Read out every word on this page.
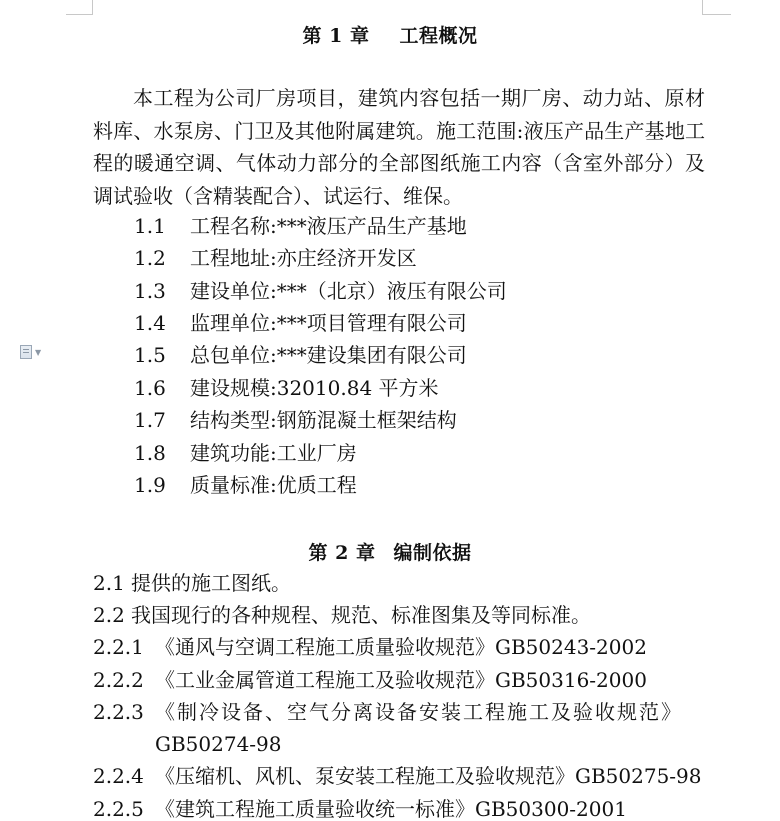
▼
第 1 章 工程概况

本工程为公司厂房项目，建筑内容包括一期厂房、动力站、原材料库、水泵房、门卫及其他附属建筑。施工范围:液压产品生产基地工程的暖通空调、气体动力部分的全部图纸施工内容（含室外部分）及调试验收（含精装配合）、试运行、维保。

1.1 工程名称:***液压产品生产基地
1.2 工程地址:亦庄经济开发区
1.3 建设单位:***（北京）液压有限公司
1.4 监理单位:***项目管理有限公司
1.5 总包单位:***建设集团有限公司
1.6 建设规模:32010.84 平方米
1.7 结构类型:钢筋混凝土框架结构
1.8 建筑功能:工业厂房
1.9 质量标准:优质工程
第 2 章 编制依据
2.1 提供的施工图纸。
2.2 我国现行的各种规程、规范、标准图集及等同标准。
2.2.1 《通风与空调工程施工质量验收规范》GB50243-2002
2.2.2 《工业金属管道工程施工及验收规范》GB50316-2000
2.2.3 《制冷设备、空气分离设备安装工程施工及验收规范》
GB50274-98
2.2.4 《压缩机、风机、泵安装工程施工及验收规范》GB50275-98
2.2.5 《建筑工程施工质量验收统一标准》GB50300-2001
